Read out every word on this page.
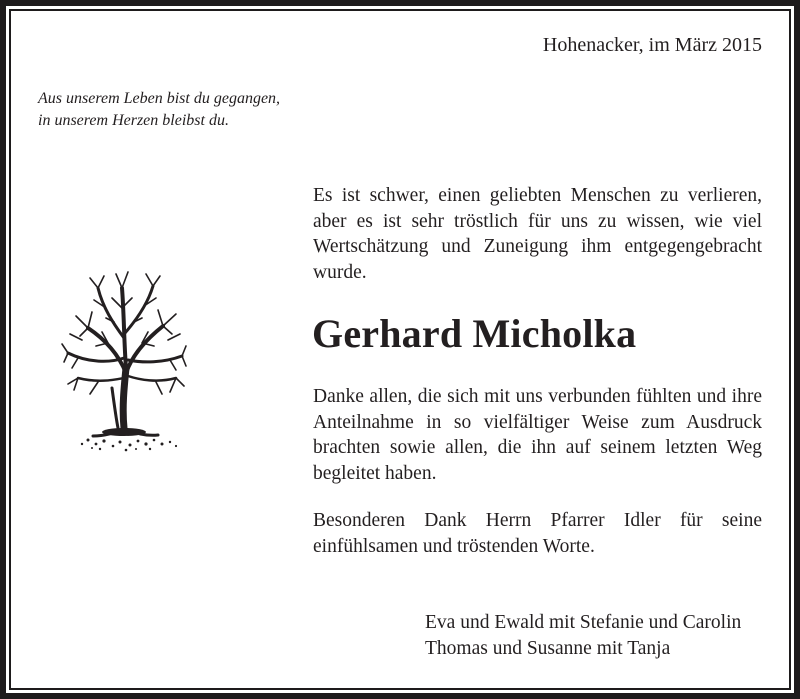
Hohenacker, im März 2015
Aus unserem Leben bist du gegangen,
in unserem Herzen bleibst du.
Es ist schwer, einen geliebten Menschen zu verlieren, aber es ist sehr tröstlich für uns zu wissen, wie viel Wertschätzung und Zuneigung ihm entgegengebracht wurde.
Gerhard Micholka
Danke allen, die sich mit uns verbunden fühlten und ihre Anteilnahme in so vielfältiger Weise zum Ausdruck brachten sowie allen, die ihn auf seinem letzten Weg begleitet haben.
Besonderen Dank Herrn Pfarrer Idler für seine einfühlsamen und tröstenden Worte.
Eva und Ewald mit Stefanie und Carolin
Thomas und Susanne mit Tanja
